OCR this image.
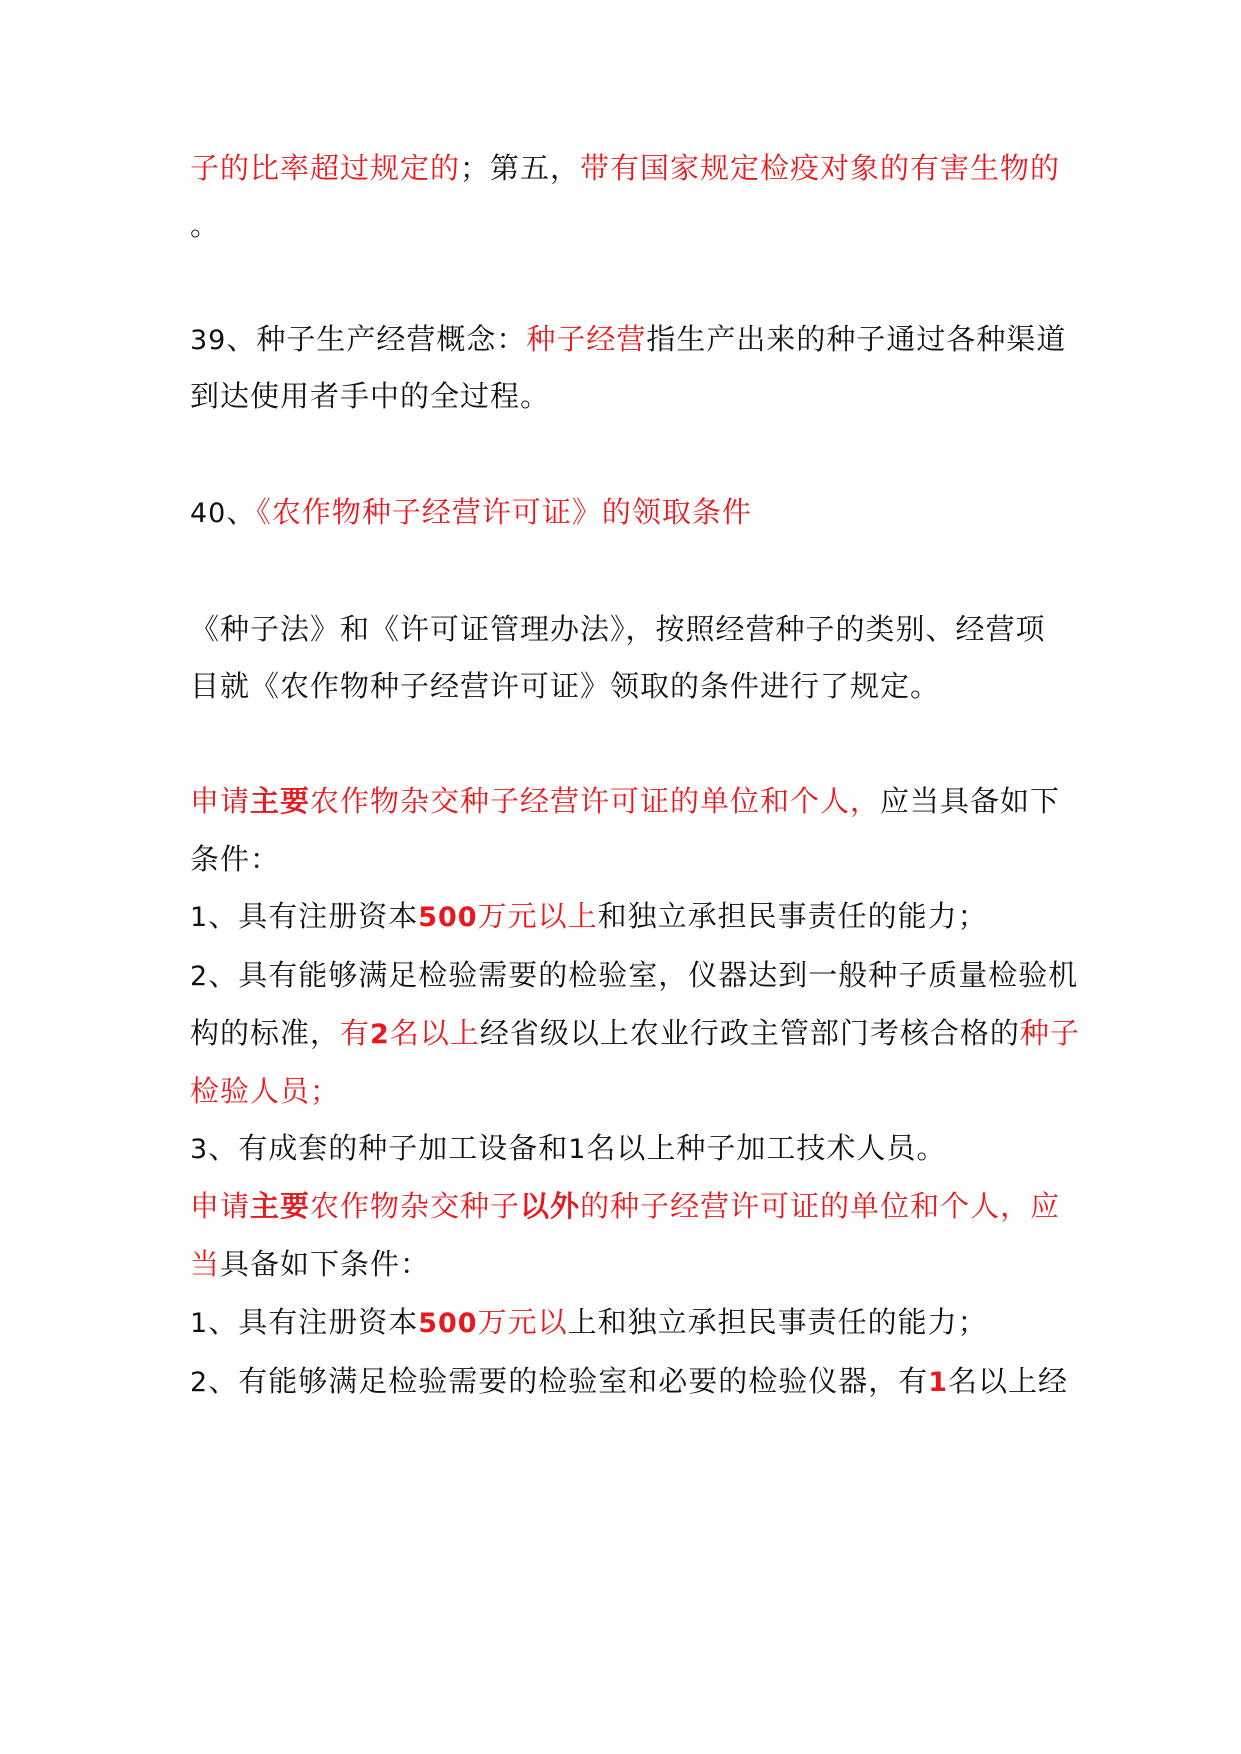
子的比率超过规定的；第五，带有国家规定检疫对象的有害生物的
。
39、种子生产经营概念：种子经营指生产出来的种子通过各种渠道
到达使用者手中的全过程。
40、《农作物种子经营许可证》的领取条件
《种子法》和《许可证管理办法》，按照经营种子的类别、经营项
目就《农作物种子经营许可证》领取的条件进行了规定。
申请主要农作物杂交种子经营许可证的单位和个人，应当具备如下
条件：
1、具有注册资本500万元以上和独立承担民事责任的能力；
2、具有能够满足检验需要的检验室，仪器达到一般种子质量检验机
构的标准，有2名以上经省级以上农业行政主管部门考核合格的种子
检验人员；
3、有成套的种子加工设备和1名以上种子加工技术人员。
申请主要农作物杂交种子以外的种子经营许可证的单位和个人，应
当具备如下条件：
1、具有注册资本500万元以上和独立承担民事责任的能力；
2、有能够满足检验需要的检验室和必要的检验仪器，有1名以上经
